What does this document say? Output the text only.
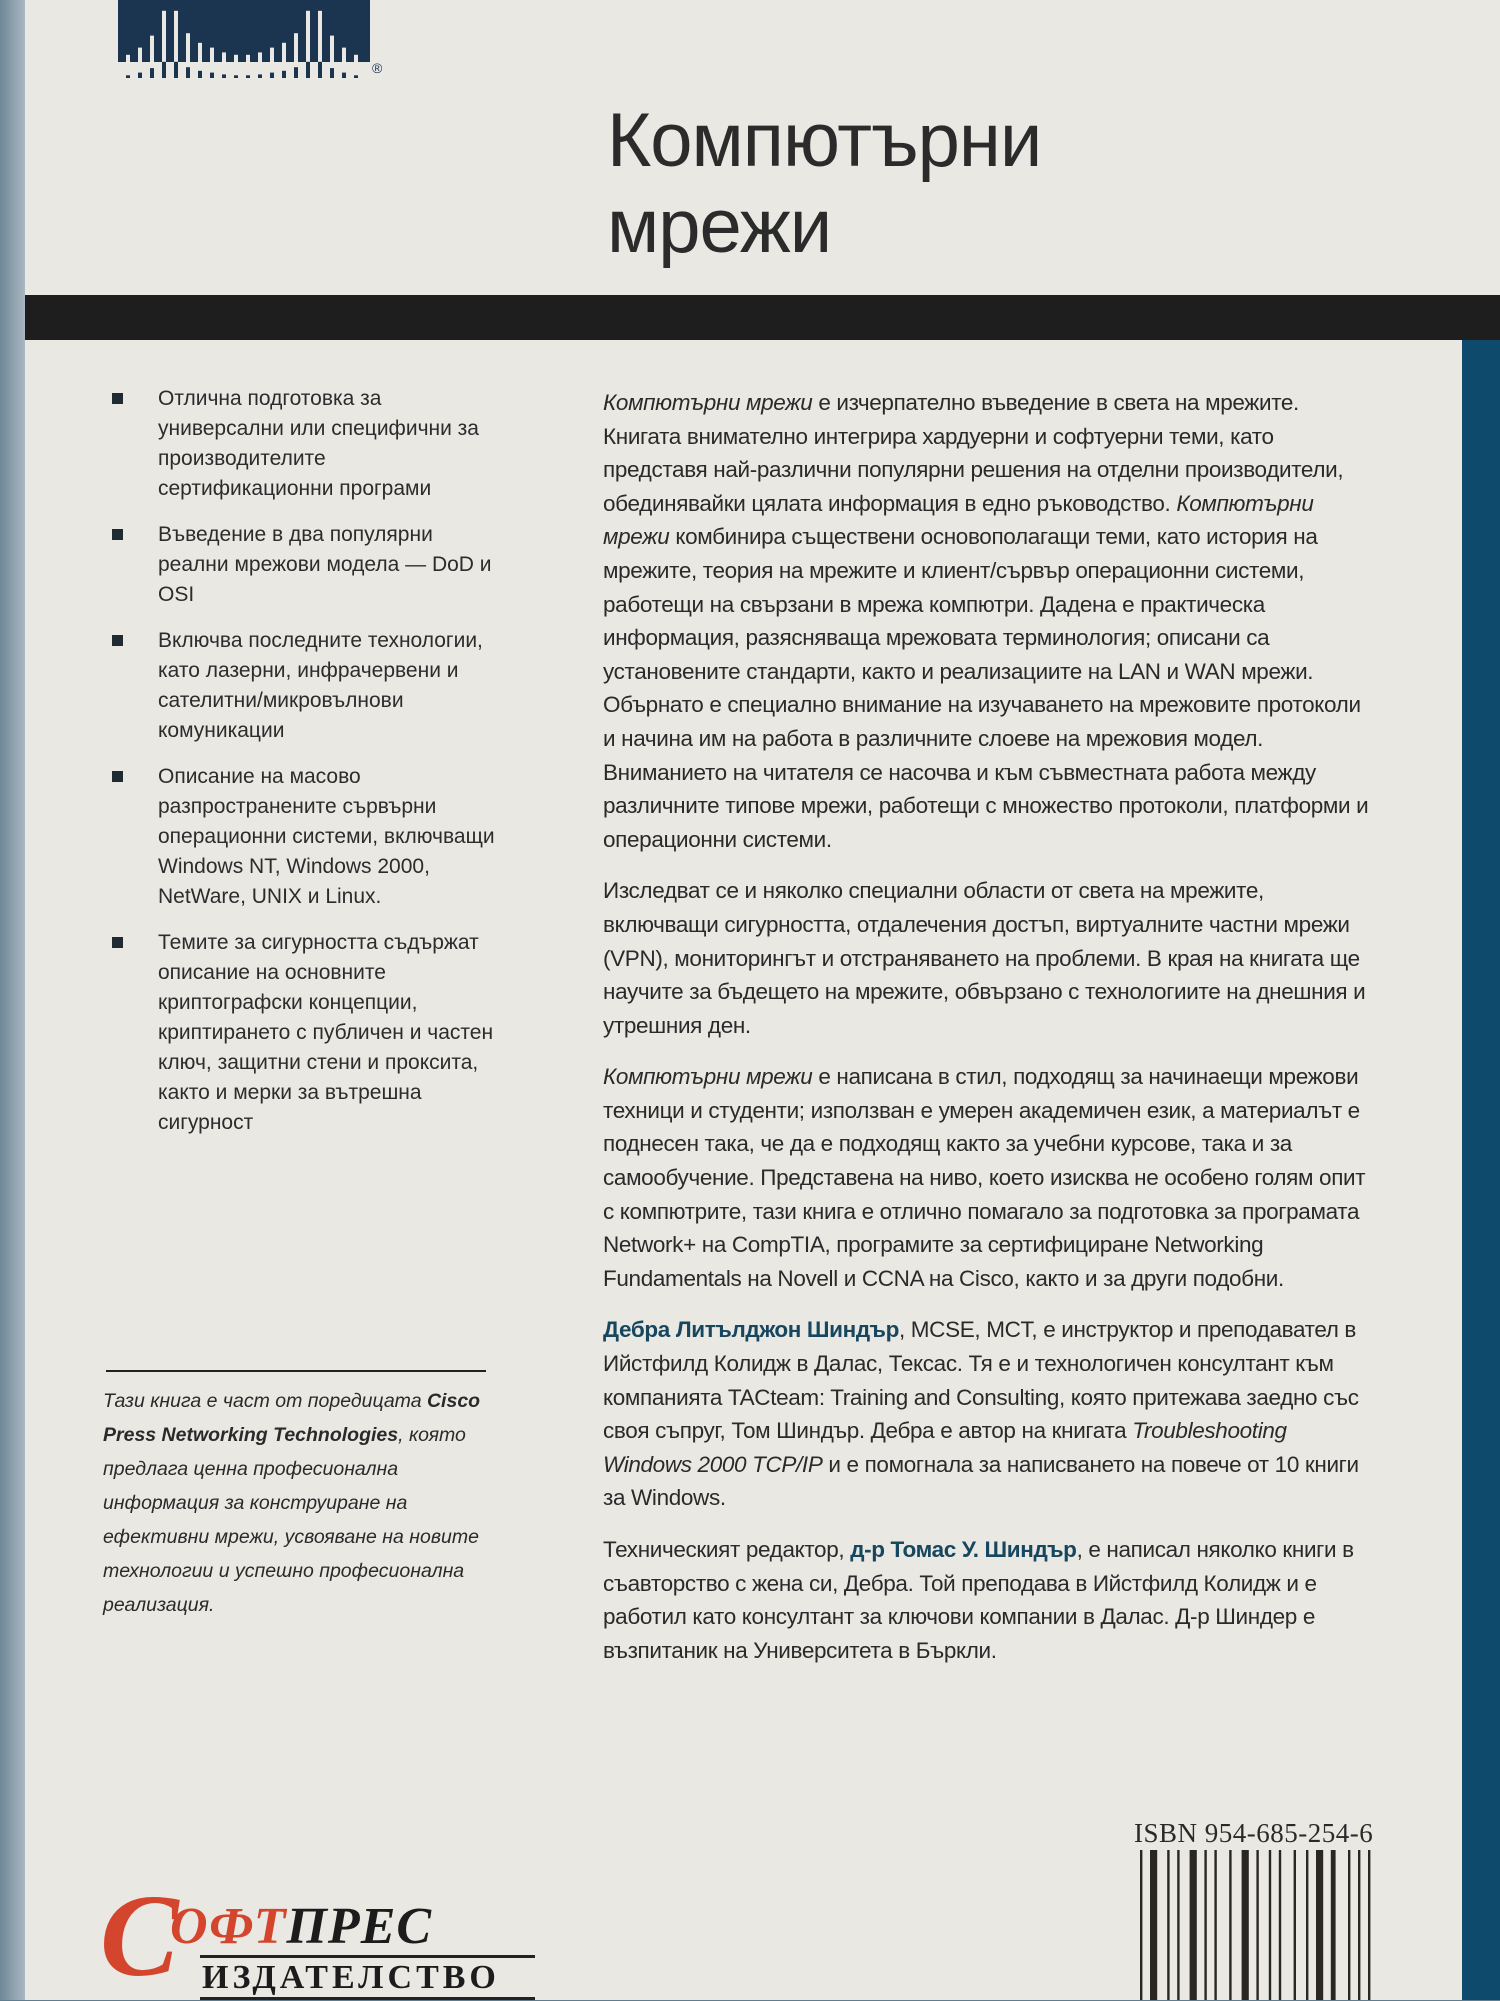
®
Компютърни
мрежи
Отлична подготовка за универсални или специфични за производителите сертификационни програми
Въведение в два популярни реални мрежови модела — DoD и OSI
Включва последните технологии, като лазерни, инфрачервени и сателитни/микровълнови комуникации
Описание на масово разпространените сървърни операционни системи, включващи Windows NT, Windows 2000, NetWare, UNIX и Linux.
Темите за сигурността съдържат описание на основните криптографски концепции, криптирането с публичен и частен ключ, защитни стени и проксита, както и мерки за вътрешна сигурност
Тази книга е част от поредицата Cisco Press Networking Technologies, която предлага ценна професионална информация за конструиране на ефективни мрежи, усвояване на новите технологии и успешно професионална реализация.

Компютърни мрежи е изчерпателно въведение в света на мрежите. Книгата внимателно интегрира хардуерни и софтуерни теми, като представя най-различни популярни решения на отделни производители, обединявайки цялата информация в едно ръководство. Компютърни мрежи комбинира съществени основополагащи теми, като история на мрежите, теория на мрежите и клиент/сървър операционни системи, работещи на свързани в мрежа компютри. Дадена е практическа информация, разясняваща мрежовата терминология; описани са установените стандарти, както и реализациите на LAN и WAN мрежи. Обърнато е специално внимание на изучаването на мрежовите протоколи и начина им на работа в различните слоеве на мрежовия модел. Вниманието на читателя се насочва и към съвместната работа между различните типове мрежи, работещи с множество протоколи, платформи и операционни системи.

Изследват се и няколко специални области от света на мрежите, включващи сигурността, отдалечения достъп, виртуалните частни мрежи (VPN), мониторингът и отстраняването на проблеми. В края на книгата ще научите за бъдещето на мрежите, обвързано с технологиите на днешния и утрешния ден.

Компютърни мрежи е написана в стил, подходящ за начинаещи мрежови техници и студенти; използван е умерен академичен език, а материалът е поднесен така, че да е подходящ както за учебни курсове, така и за самообучение. Представена на ниво, което изисква не особено голям опит с компютрите, тази книга е отлично помагало за подготовка за програмата Network+ на CompTIA, програмите за сертифициране Networking Fundamentals на Novell и CCNA на Cisco, както и за други подобни.

Дебра Литълджон Шиндър, MCSE, MCT, е инструктор и преподавател в Ийстфилд Колидж в Далас, Тексас. Тя е и технологичен консултант към компанията TACteam: Training and Consulting, която притежава заедно със своя съпруг, Том Шиндър. Дебра е автор на книгата Troubleshooting Windows 2000 TCP/IP и е помогнала за написването на повече от 10 книги за Windows.

Техническият редактор, д-р Томас У. Шиндър, е написал няколко книги в съавторство с жена си, Дебра. Той преподава в Ийстфилд Колидж и е работил като консултант за ключови компании в Далас. Д-р Шиндер е възпитаник на Университета в Бъркли.

ISBN 954-685-254-6
С
ОФТПРЕС
ИЗДАТЕЛСТВО
